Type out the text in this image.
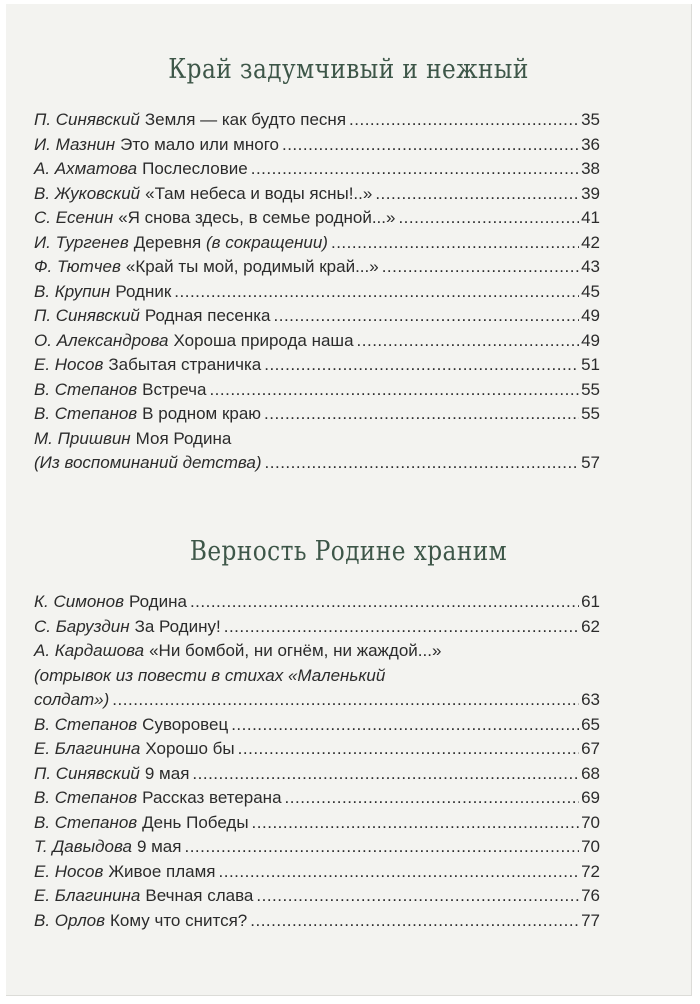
Край задумчивый и нежный
П. Синявский Земля — как будто песня .....	35
И. Мазнин Это мало или много .....	36
А. Ахматова Послесловие .....	38
В. Жуковский «Там небеса и воды ясны!..» .....	39
С. Есенин «Я снова здесь, в семье родной...» .....	41
И. Тургенев Деревня (в сокращении) .....	42
Ф. Тютчев «Край ты мой, родимый край...» .....	43
В. Крупин Родник .....	45
П. Синявский Родная песенка .....	49
О. Александрова Хороша природа наша .....	49
Е. Носов Забытая страничка .....	51
В. Степанов Встреча .....	55
В. Степанов В родном краю .....	55
М. Пришвин Моя Родина
(Из воспоминаний детства) .....	57
Верность Родине храним
К. Симонов Родина .....	61
С. Баруздин За Родину! .....	62
А. Кардашова «Ни бомбой, ни огнём, ни жаждой...»
(отрывок из повести в стихах «Маленький
солдат») .....	63
В. Степанов Суворовец .....	65
Е. Благинина Хорошо бы .....	67
П. Синявский 9 мая .....	68
В. Степанов Рассказ ветерана .....	69
В. Степанов День Победы .....	70
Т. Давыдова 9 мая .....	70
Е. Носов Живое пламя .....	72
Е. Благинина Вечная слава .....	76
В. Орлов Кому что снится? .....	77
